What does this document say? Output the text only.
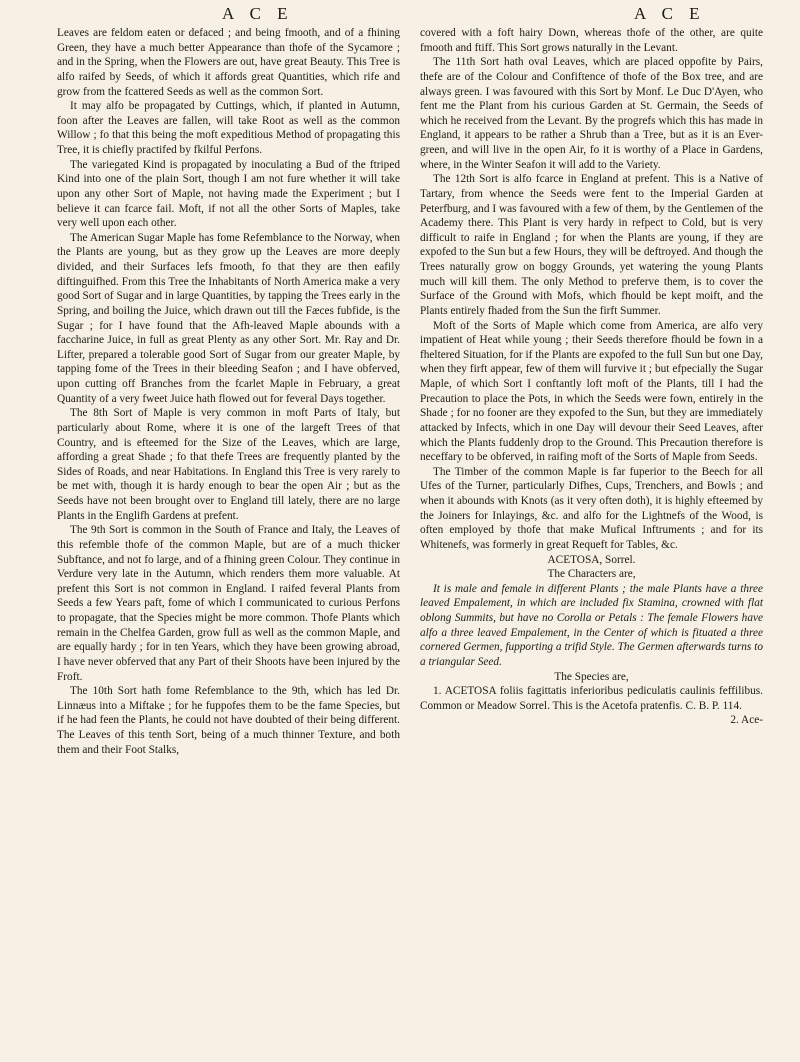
A C E	A C E

Leaves are feldom eaten or defaced ; and being fmooth, and of a fhining Green, they have a much better Appearance than thofe of the Sycamore ; and in the Spring, when the Flowers are out, have great Beauty. This Tree is alfo raifed by Seeds, of which it affords great Quantities, which rife and grow from the fcattered Seeds as well as the common Sort.

It may alfo be propagated by Cuttings, which, if planted in Autumn, foon after the Leaves are fallen, will take Root as well as the common Willow ; fo that this being the moft expeditious Method of propagating this Tree, it is chiefly practifed by fkilful Perfons.

The variegated Kind is propagated by inoculating a Bud of the ftriped Kind into one of the plain Sort, though I am not fure whether it will take upon any other Sort of Maple, not having made the Experiment ; but I believe it can fcarce fail. Moft, if not all the other Sorts of Maples, take very well upon each other.

The American Sugar Maple has fome Refemblance to the Norway, when the Plants are young, but as they grow up the Leaves are more deeply divided, and their Surfaces lefs fmooth, fo that they are then eafily diftinguifhed. From this Tree the Inhabitants of North America make a very good Sort of Sugar and in large Quantities, by tapping the Trees early in the Spring, and boiling the Juice, which drawn out till the Fæces fubfide, is the Sugar ; for I have found that the Afh-leaved Maple abounds with a faccharine Juice, in full as great Plenty as any other Sort. Mr. Ray and Dr. Lifter, prepared a tolerable good Sort of Sugar from our greater Maple, by tapping fome of the Trees in their bleeding Seafon ; and I have obferved, upon cutting off Branches from the fcarlet Maple in February, a great Quantity of a very fweet Juice hath flowed out for feveral Days together.

The 8th Sort of Maple is very common in moft Parts of Italy, but particularly about Rome, where it is one of the largeft Trees of that Country, and is efteemed for the Size of the Leaves, which are large, affording a great Shade ; fo that thefe Trees are frequently planted by the Sides of Roads, and near Habitations. In England this Tree is very rarely to be met with, though it is hardy enough to bear the open Air ; but as the Seeds have not been brought over to England till lately, there are no large Plants in the Englifh Gardens at prefent.

The 9th Sort is common in the South of France and Italy, the Leaves of this refemble thofe of the common Maple, but are of a much thicker Subftance, and not fo large, and of a fhining green Colour. They continue in Verdure very late in the Autumn, which renders them more valuable. At prefent this Sort is not common in England. I raifed feveral Plants from Seeds a few Years paft, fome of which I communicated to curious Perfons to propagate, that the Species might be more common. Thofe Plants which remain in the Chelfea Garden, grow full as well as the common Maple, and are equally hardy ; for in ten Years, which they have been growing abroad, I have never obferved that any Part of their Shoots have been injured by the Froft.

The 10th Sort hath fome Refemblance to the 9th, which has led Dr. Linnæus into a Miftake ; for he fuppofes them to be the fame Species, but if he had feen the Plants, he could not have doubted of their being different. The Leaves of this tenth Sort, being of a much thinner Texture, and both them and their Foot Stalks,

covered with a foft hairy Down, whereas thofe of the other, are quite fmooth and ftiff. This Sort grows naturally in the Levant.

The 11th Sort hath oval Leaves, which are placed oppofite by Pairs, thefe are of the Colour and Confiftence of thofe of the Box tree, and are always green. I was favoured with this Sort by Monf. Le Duc D'Ayen, who fent me the Plant from his curious Garden at St. Germain, the Seeds of which he received from the Levant. By the progrefs which this has made in England, it appears to be rather a Shrub than a Tree, but as it is an Ever-green, and will live in the open Air, fo it is worthy of a Place in Gardens, where, in the Winter Seafon it will add to the Variety.

The 12th Sort is alfo fcarce in England at prefent. This is a Native of Tartary, from whence the Seeds were fent to the Imperial Garden at Peterfburg, and I was favoured with a few of them, by the Gentlemen of the Academy there. This Plant is very hardy in refpect to Cold, but is very difficult to raife in England ; for when the Plants are young, if they are expofed to the Sun but a few Hours, they will be deftroyed. And though the Trees naturally grow on boggy Grounds, yet watering the young Plants much will kill them. The only Method to preferve them, is to cover the Surface of the Ground with Mofs, which fhould be kept moift, and the Plants entirely fhaded from the Sun the firft Summer.

Moft of the Sorts of Maple which come from America, are alfo very impatient of Heat while young ; their Seeds therefore fhould be fown in a fheltered Situation, for if the Plants are expofed to the full Sun but one Day, when they firft appear, few of them will furvive it ; but efpecially the Sugar Maple, of which Sort I conftantly loft moft of the Plants, till I had the Precaution to place the Pots, in which the Seeds were fown, entirely in the Shade ; for no fooner are they expofed to the Sun, but they are immediately attacked by Infects, which in one Day will devour their Seed Leaves, after which the Plants fuddenly drop to the Ground. This Precaution therefore is neceffary to be obferved, in raifing moft of the Sorts of Maple from Seeds.

The Timber of the common Maple is far fuperior to the Beech for all Ufes of the Turner, particularly Difhes, Cups, Trenchers, and Bowls ; and when it abounds with Knots (as it very often doth), it is highly efteemed by the Joiners for Inlayings, &c. and alfo for the Lightnefs of the Wood, is often employed by thofe that make Mufical Inftruments ; and for its Whitenefs, was formerly in great Requeft for Tables, &c.

ACETOSA, Sorrel.

The Characters are,

It is male and female in different Plants ; the male Plants have a three leaved Empalement, in which are included fix Stamina, crowned with flat oblong Summits, but have no Corolla or Petals : The female Flowers have alfo a three leaved Empalement, in the Center of which is fituated a three cornered Germen, fupporting a trifid Style. The Germen afterwards turns to a triangular Seed.

The Species are,

1. ACETOSA foliis fagittatis inferioribus pediculatis caulinis feffilibus. Common or Meadow Sorrel. This is the Acetofa pratenfis. C. B. P. 114.

2. Ace-
